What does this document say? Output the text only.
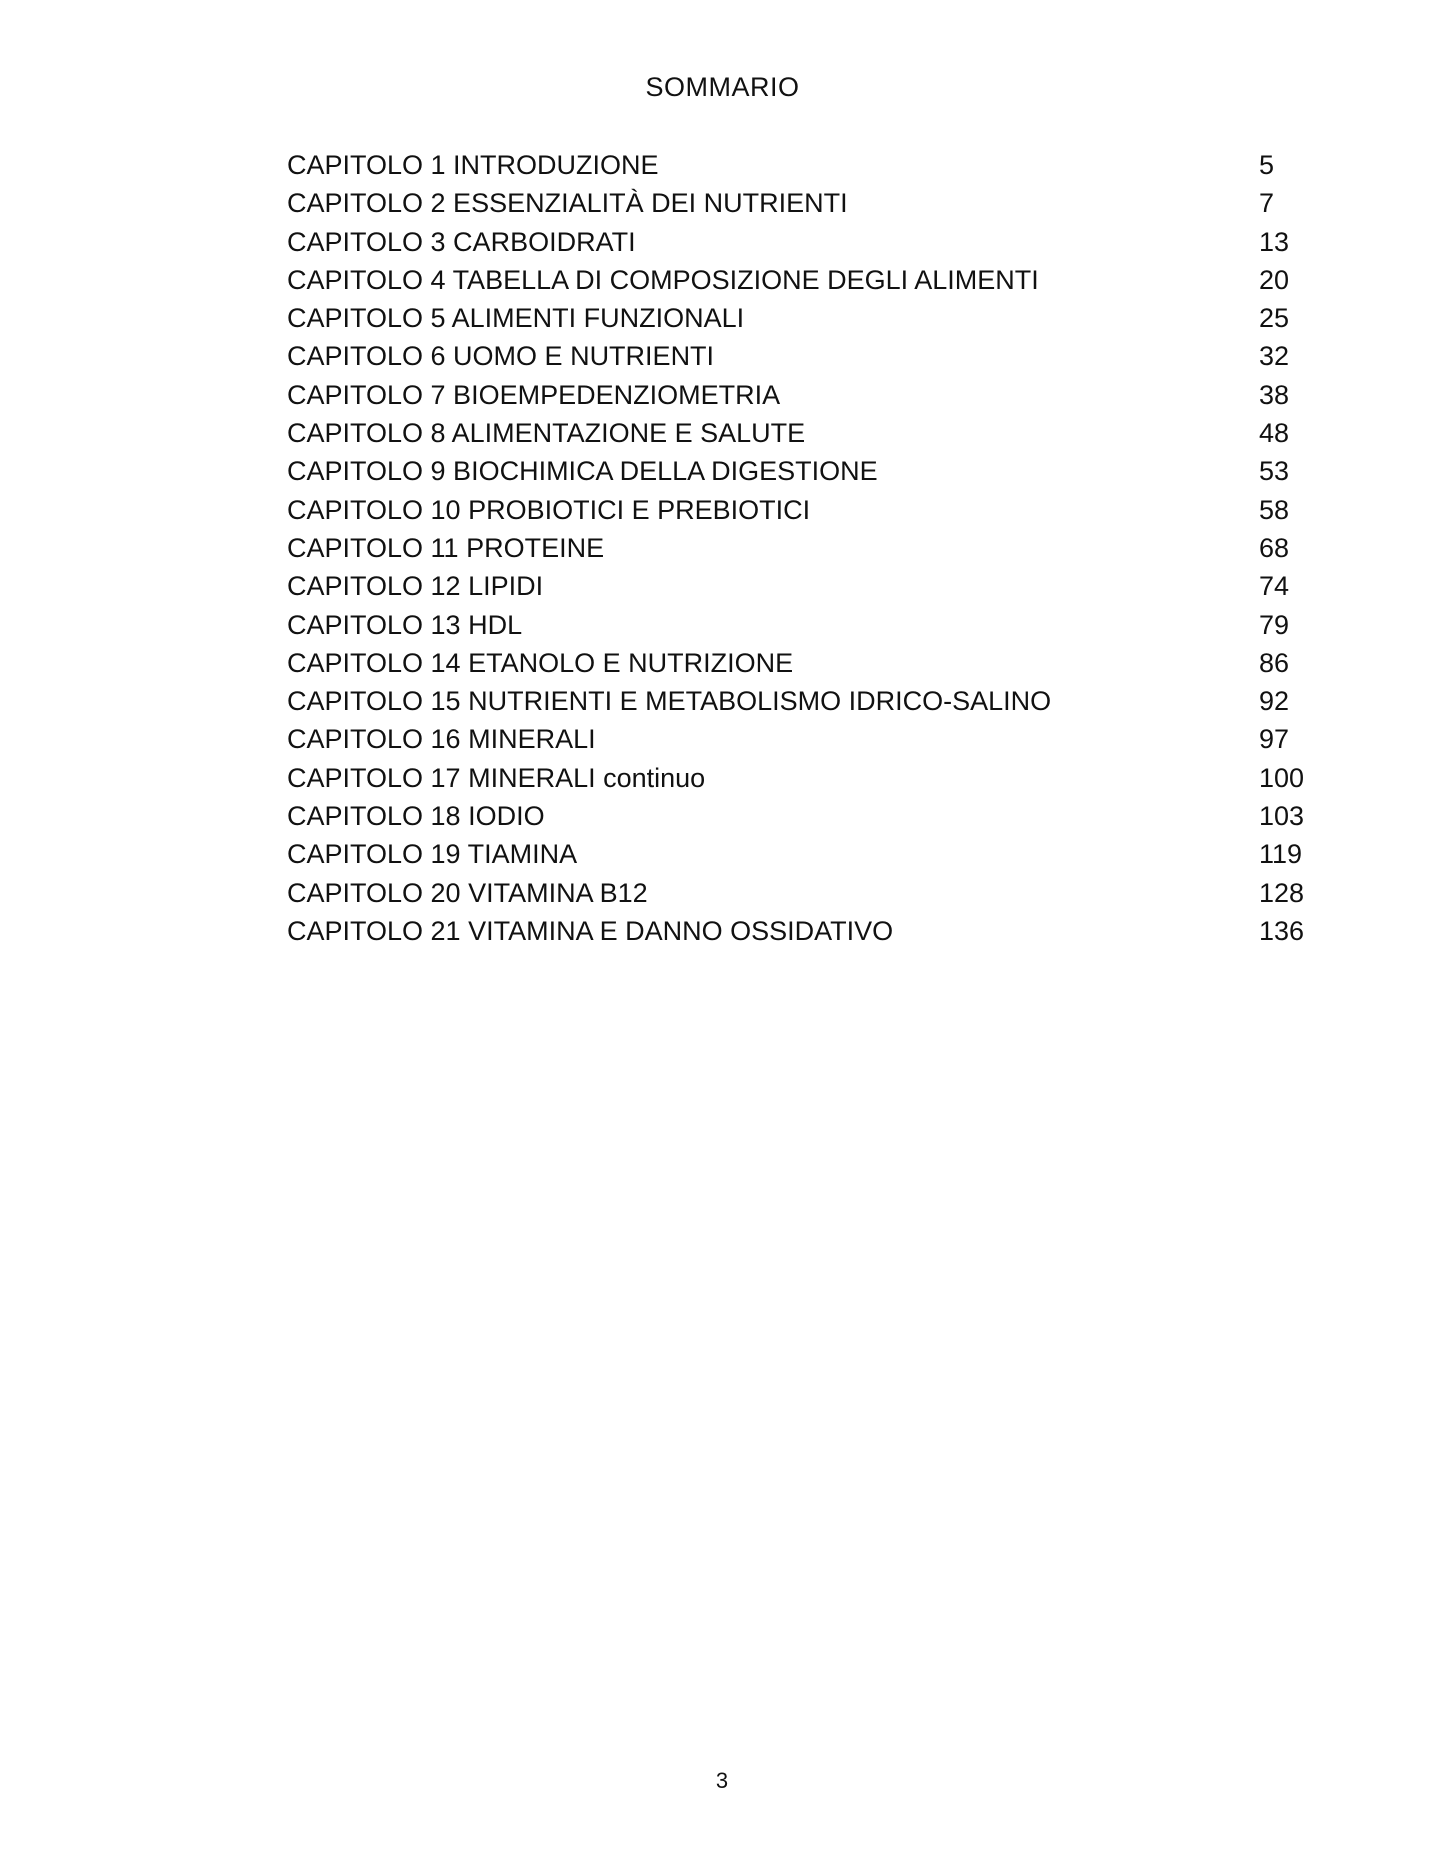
SOMMARIO
CAPITOLO 1 INTRODUZIONE	5
CAPITOLO 2 ESSENZIALITÀ DEI NUTRIENTI	7
CAPITOLO 3 CARBOIDRATI	13
CAPITOLO 4 TABELLA DI COMPOSIZIONE DEGLI ALIMENTI	20
CAPITOLO 5 ALIMENTI FUNZIONALI	25
CAPITOLO 6 UOMO E NUTRIENTI	32
CAPITOLO 7 BIOEMPEDENZIOMETRIA	38
CAPITOLO 8 ALIMENTAZIONE E SALUTE	48
CAPITOLO 9 BIOCHIMICA DELLA DIGESTIONE	53
CAPITOLO 10 PROBIOTICI E PREBIOTICI	58
CAPITOLO 11 PROTEINE	68
CAPITOLO 12 LIPIDI	74
CAPITOLO 13 HDL	79
CAPITOLO 14 ETANOLO E NUTRIZIONE	86
CAPITOLO 15 NUTRIENTI E METABOLISMO IDRICO-SALINO	92
CAPITOLO 16 MINERALI	97
CAPITOLO 17 MINERALI continuo	100
CAPITOLO 18 IODIO	103
CAPITOLO 19 TIAMINA	119
CAPITOLO 20 VITAMINA B12	128
CAPITOLO 21 VITAMINA E DANNO OSSIDATIVO	136
3
